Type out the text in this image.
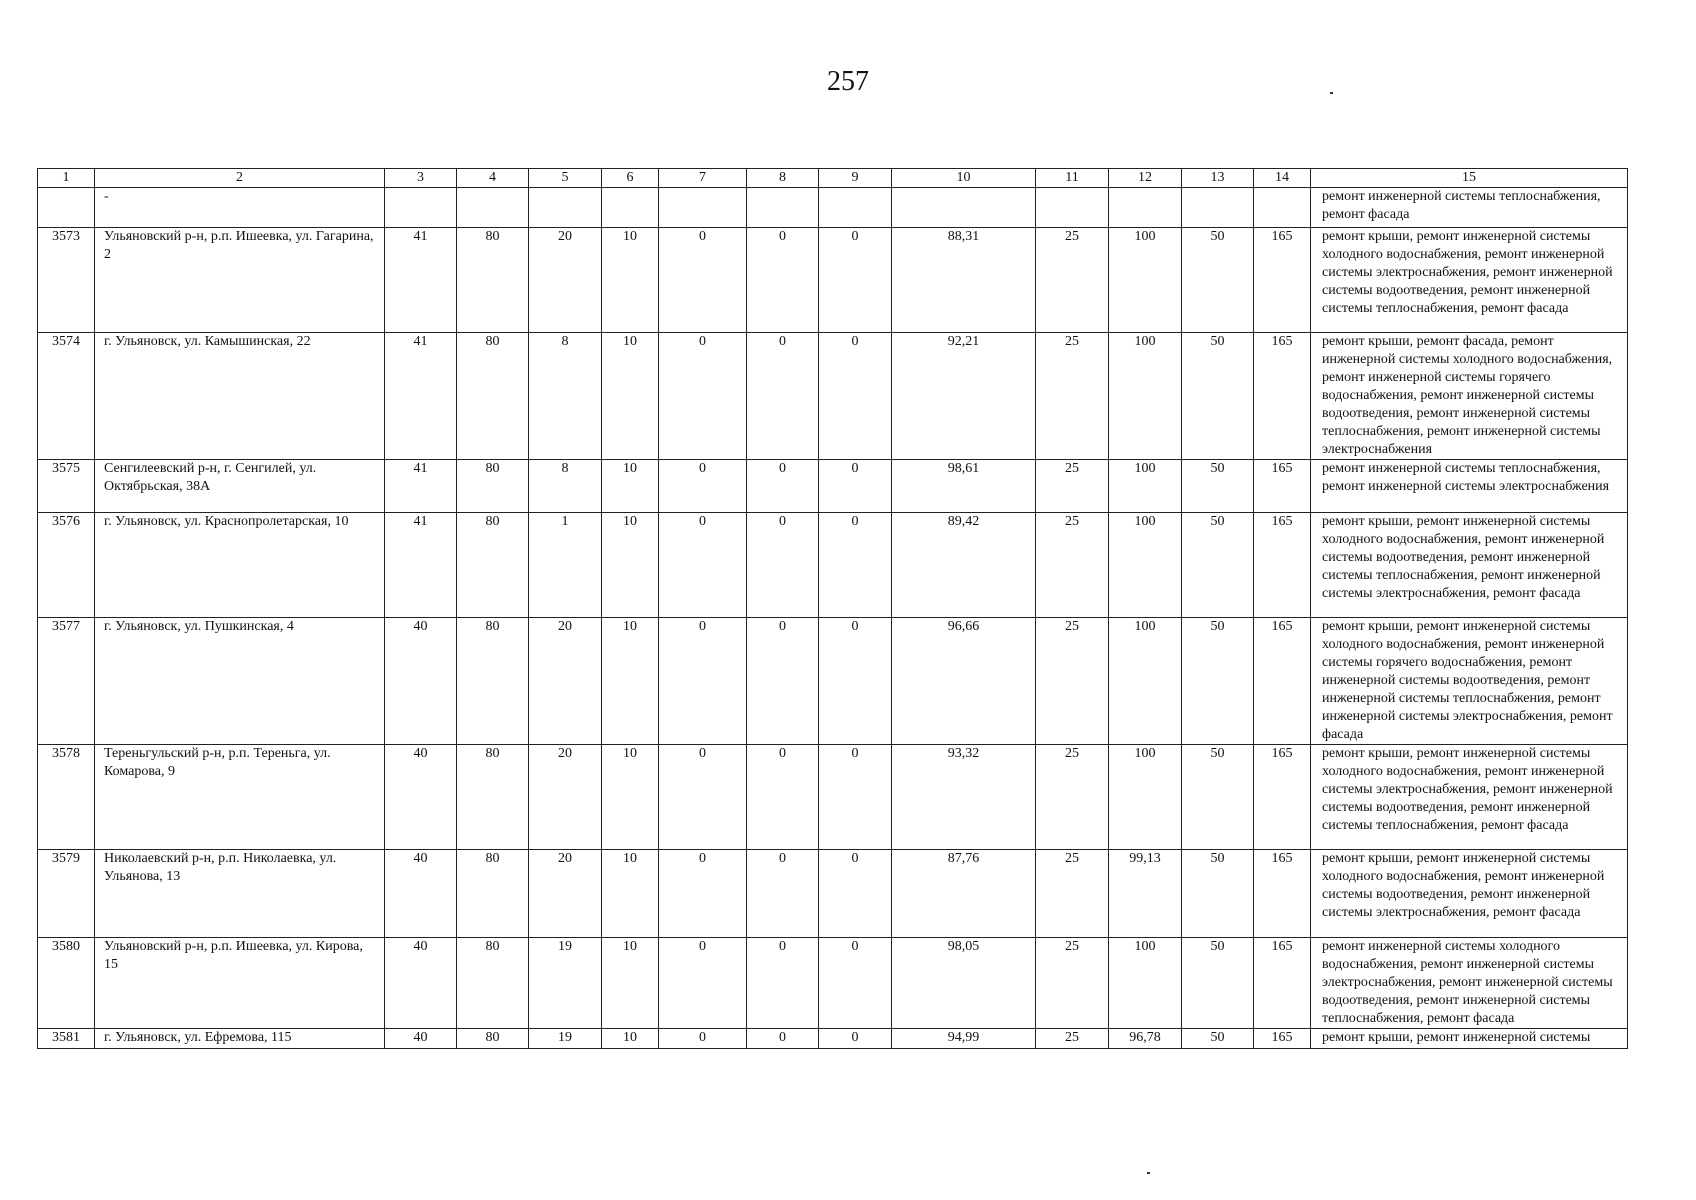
257
1	2	3	4	5	6	7	8	9	10	11	12	13	14	15
	-													ремонт инженерной системы теплоснабжения, ремонт фасада
3573	Ульяновский р-н, р.п. Ишеевка, ул. Гагарина, 2	41	80	20	10	0	0	0	88,31	25	100	50	165	ремонт крыши, ремонт инженерной системы холодного водоснабжения, ремонт инженерной системы электроснабжения, ремонт инженерной системы водоотведения, ремонт инженерной системы теплоснабжения, ремонт фасада
3574	г. Ульяновск, ул. Камышинская, 22	41	80	8	10	0	0	0	92,21	25	100	50	165	ремонт крыши, ремонт фасада, ремонт инженерной системы холодного водоснабжения, ремонт инженерной системы горячего водоснабжения, ремонт инженерной системы водоотведения, ремонт инженерной системы теплоснабжения, ремонт инженерной системы электроснабжения
3575	Сенгилеевский р-н, г. Сенгилей, ул. Октябрьская, 38А	41	80	8	10	0	0	0	98,61	25	100	50	165	ремонт инженерной системы теплоснабжения, ремонт инженерной системы электроснабжения
3576	г. Ульяновск, ул. Краснопролетарская, 10	41	80	1	10	0	0	0	89,42	25	100	50	165	ремонт крыши, ремонт инженерной системы холодного водоснабжения, ремонт инженерной системы водоотведения, ремонт инженерной системы теплоснабжения, ремонт инженерной системы электроснабжения, ремонт фасада
3577	г. Ульяновск, ул. Пушкинская, 4	40	80	20	10	0	0	0	96,66	25	100	50	165	ремонт крыши, ремонт инженерной системы холодного водоснабжения, ремонт инженерной системы горячего водоснабжения, ремонт инженерной системы водоотведения, ремонт инженерной системы теплоснабжения, ремонт инженерной системы электроснабжения, ремонт фасада
3578	Тереньгульский р-н, р.п. Тереньга, ул. Комарова, 9	40	80	20	10	0	0	0	93,32	25	100	50	165	ремонт крыши, ремонт инженерной системы холодного водоснабжения, ремонт инженерной системы электроснабжения, ремонт инженерной системы водоотведения, ремонт инженерной системы теплоснабжения, ремонт фасада
3579	Николаевский р-н, р.п. Николаевка, ул. Ульянова, 13	40	80	20	10	0	0	0	87,76	25	99,13	50	165	ремонт крыши, ремонт инженерной системы холодного водоснабжения, ремонт инженерной системы водоотведения, ремонт инженерной системы электроснабжения, ремонт фасада
3580	Ульяновский р-н, р.п. Ишеевка, ул. Кирова, 15	40	80	19	10	0	0	0	98,05	25	100	50	165	ремонт инженерной системы холодного водоснабжения, ремонт инженерной системы электроснабжения, ремонт инженерной системы водоотведения, ремонт инженерной системы теплоснабжения, ремонт фасада
3581	г. Ульяновск, ул. Ефремова, 115	40	80	19	10	0	0	0	94,99	25	96,78	50	165	ремонт крыши, ремонт инженерной системы
